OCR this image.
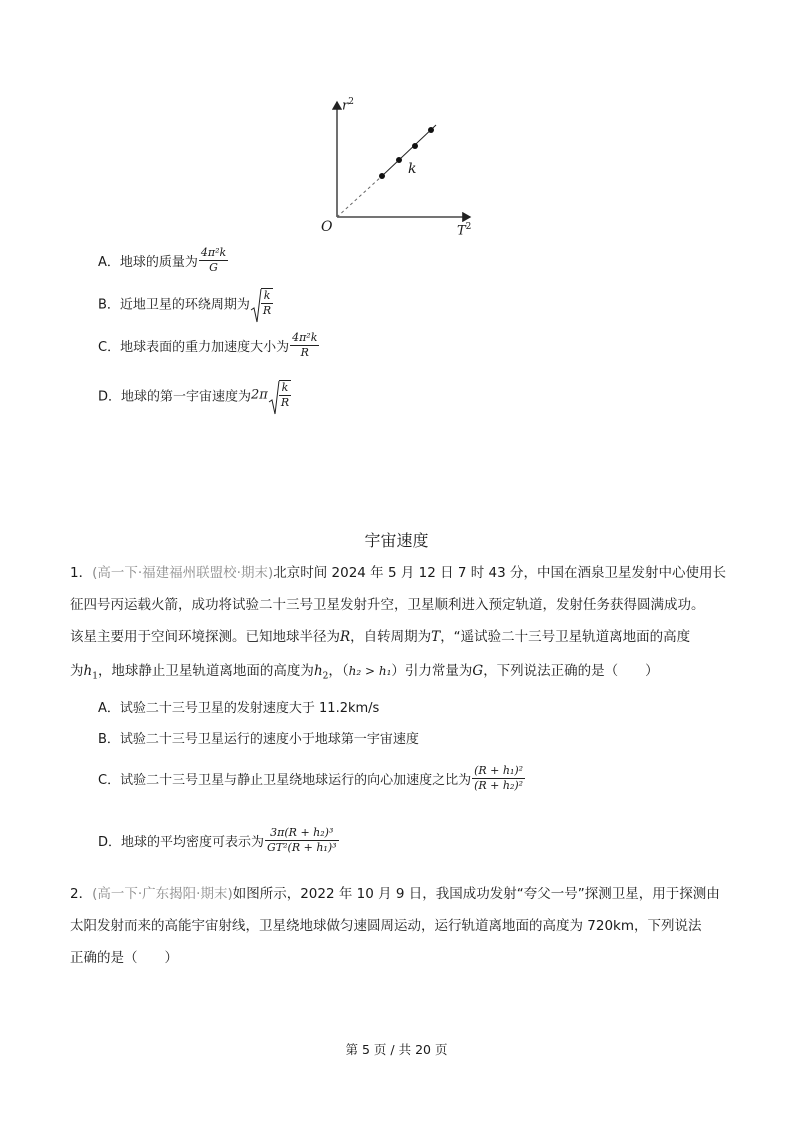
$r^2$
$T^2$
O
k
A．地球的质量为 $\frac{\text{4π²k}}{G}$
B．近地卫星的环绕周期为 $\frac{k}{R}$
C．地球表面的重力加速度大小为 $\frac{\text{4π²k}}{R}$
D．地球的第一宇宙速度为$2\pi \frac{k}{R}$
宇宙速度
1．(高一下·福建福州联盟校·期末)北京时间 2024 年 5 月 12 日 7 时 43 分，中国在酒泉卫星发射中心使用长
征四号丙运载火箭，成功将试验二十三号卫星发射升空，卫星顺利进入预定轨道，发射任务获得圆满成功。
该星主要用于空间环境探测。已知地球半径为R，自转周期为T，“遥试验二十三号卫星轨道离地面的高度
为$h_1$，地球静止卫星轨道离地面的高度为$h_2$，（h₂ > h₁）引力常量为G，下列说法正确的是（　　）
A．试验二十三号卫星的发射速度大于 11.2km/s
B．试验二十三号卫星运行的速度小于地球第一宇宙速度
C．试验二十三号卫星与静止卫星绕地球运行的向心加速度之比为 $\frac{\text{(R + h₁)²}}{\text{(R + h₂)²}}$
D．地球的平均密度可表示为 $\frac{\text{3π(R + h₂)³}}{\text{GT²(R + h₁)³}}$
2．(高一下·广东揭阳·期末)如图所示，2022 年 10 月 9 日，我国成功发射“夸父一号”探测卫星，用于探测由
太阳发射而来的高能宇宙射线，卫星绕地球做匀速圆周运动，运行轨道离地面的高度为 720km，下列说法
正确的是（　　）
第 5 页 / 共 20 页
